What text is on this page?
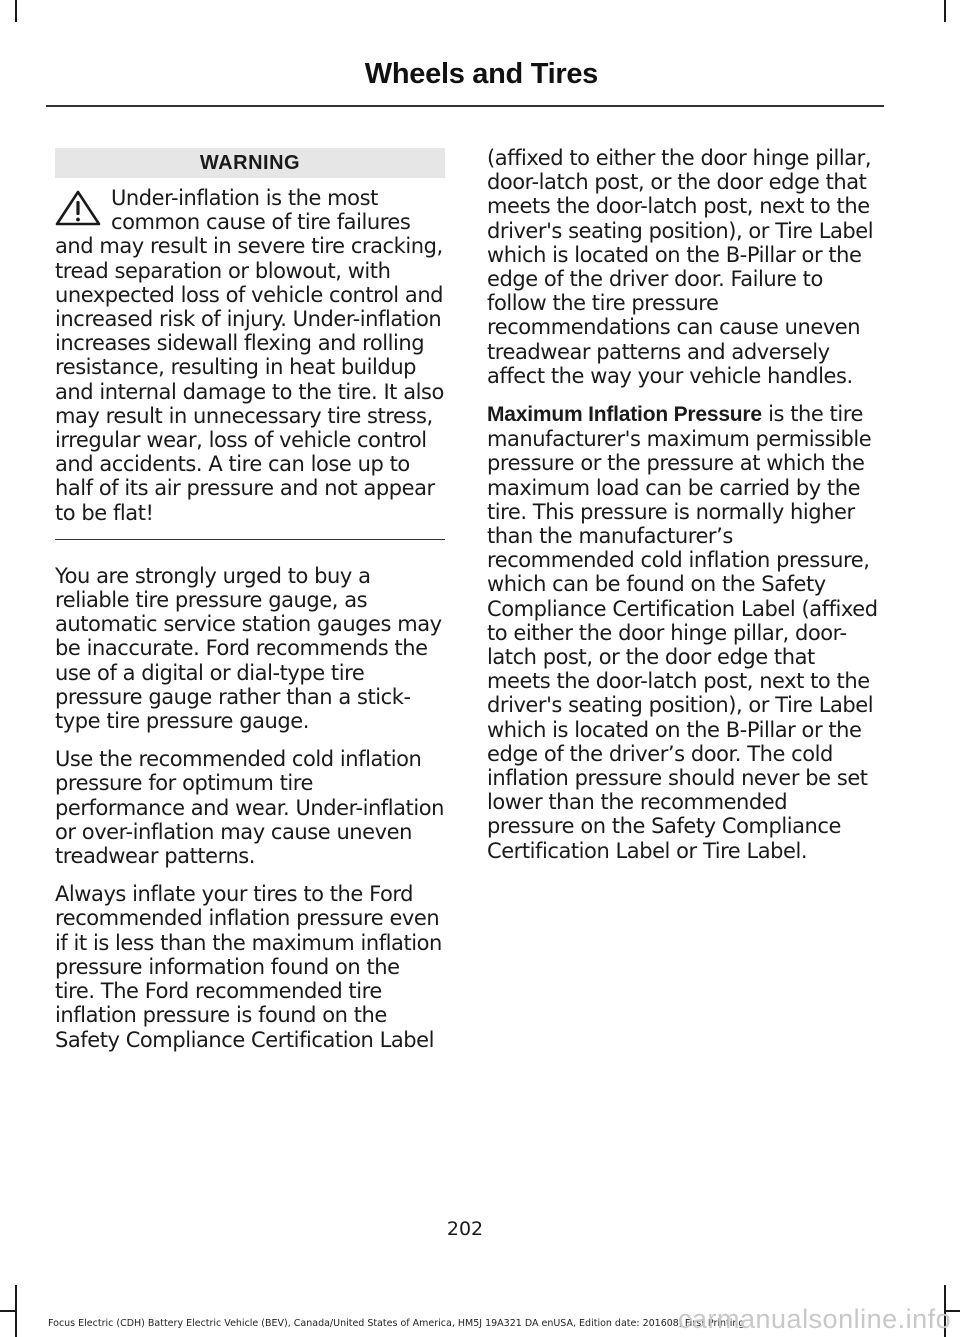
Wheels and Tires
WARNING
Under-inflation is the most common cause of tire failures and may result in severe tire cracking, tread separation or blowout, with unexpected loss of vehicle control and increased risk of injury. Under-inflation increases sidewall flexing and rolling resistance, resulting in heat buildup and internal damage to the tire. It also may result in unnecessary tire stress, irregular wear, loss of vehicle control and accidents. A tire can lose up to half of its air pressure and not appear to be flat!

You are strongly urged to buy a reliable tire pressure gauge, as automatic service station gauges may be inaccurate. Ford recommends the use of a digital or dial-type tire pressure gauge rather than a stick-type tire pressure gauge.

Use the recommended cold inflation pressure for optimum tire performance and wear. Under-inflation or over-inflation may cause uneven treadwear patterns.

Always inflate your tires to the Ford recommended inflation pressure even if it is less than the maximum inflation pressure information found on the tire. The Ford recommended tire inflation pressure is found on the Safety Compliance Certification Label

(affixed to either the door hinge pillar, door-latch post, or the door edge that meets the door-latch post, next to the driver's seating position), or Tire Label which is located on the B-Pillar or the edge of the driver door. Failure to follow the tire pressure recommendations can cause uneven treadwear patterns and adversely affect the way your vehicle handles.

Maximum Inflation Pressure is the tire manufacturer's maximum permissible pressure or the pressure at which the maximum load can be carried by the tire. This pressure is normally higher than the manufacturer’s recommended cold inflation pressure, which can be found on the Safety Compliance Certification Label (affixed to either the door hinge pillar, door-latch post, or the door edge that meets the door-latch post, next to the driver's seating position), or Tire Label which is located on the B-Pillar or the edge of the driver’s door. The cold inflation pressure should never be set lower than the recommended pressure on the Safety Compliance Certification Label or Tire Label.

202
Focus Electric (CDH) Battery Electric Vehicle (BEV), Canada/United States of America, HM5J 19A321 DA enUSA, Edition date: 201608, First Printing
carmanualsonline.info
